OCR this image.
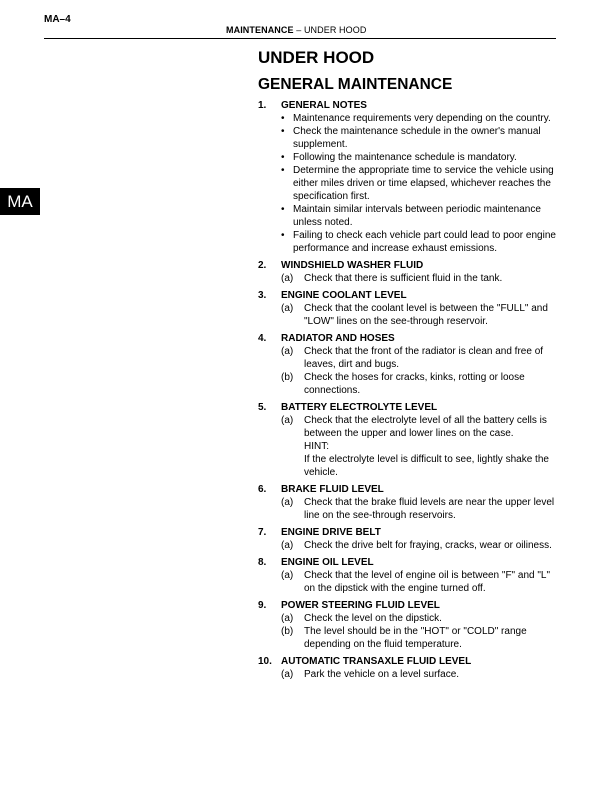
MA–4
MAINTENANCE – UNDER HOOD
MA
UNDER HOOD
GENERAL MAINTENANCE
1.	GENERAL NOTES
• Maintenance requirements very depending on the country.

• Check the maintenance schedule in the owner's manual supplement.

• Following the maintenance schedule is mandatory.

• Determine the appropriate time to service the vehicle using either miles driven or time elapsed, whichever reaches the specification first.

• Maintain similar intervals between periodic maintenance unless noted.

• Failing to check each vehicle part could lead to poor engine performance and increase exhaust emissions.

2.	WINDSHIELD WASHER FLUID
(a)	Check that there is sufficient fluid in the tank.

3.	ENGINE COOLANT LEVEL
(a)	Check that the coolant level is between the "FULL" and "LOW" lines on the see-through reservoir.

4.	RADIATOR AND HOSES
(a)	Check that the front of the radiator is clean and free of leaves, dirt and bugs.

(b)	Check the hoses for cracks, kinks, rotting or loose connections.

5.	BATTERY ELECTROLYTE LEVEL
(a)	Check that the electrolyte level of all the battery cells is between the upper and lower lines on the case.

HINT:

If the electrolyte level is difficult to see, lightly shake the vehicle.

6.	BRAKE FLUID LEVEL
(a)	Check that the brake fluid levels are near the upper level line on the see-through reservoirs.

7.	ENGINE DRIVE BELT
(a)	Check the drive belt for fraying, cracks, wear or oiliness.

8.	ENGINE OIL LEVEL
(a)	Check that the level of engine oil is between "F" and "L" on the dipstick with the engine turned off.

9.	POWER STEERING FLUID LEVEL
(a)	Check the level on the dipstick.

(b)	The level should be in the "HOT" or "COLD" range depending on the fluid temperature.

10. AUTOMATIC TRANSAXLE FLUID LEVEL
(a)	Park the vehicle on a level surface.
